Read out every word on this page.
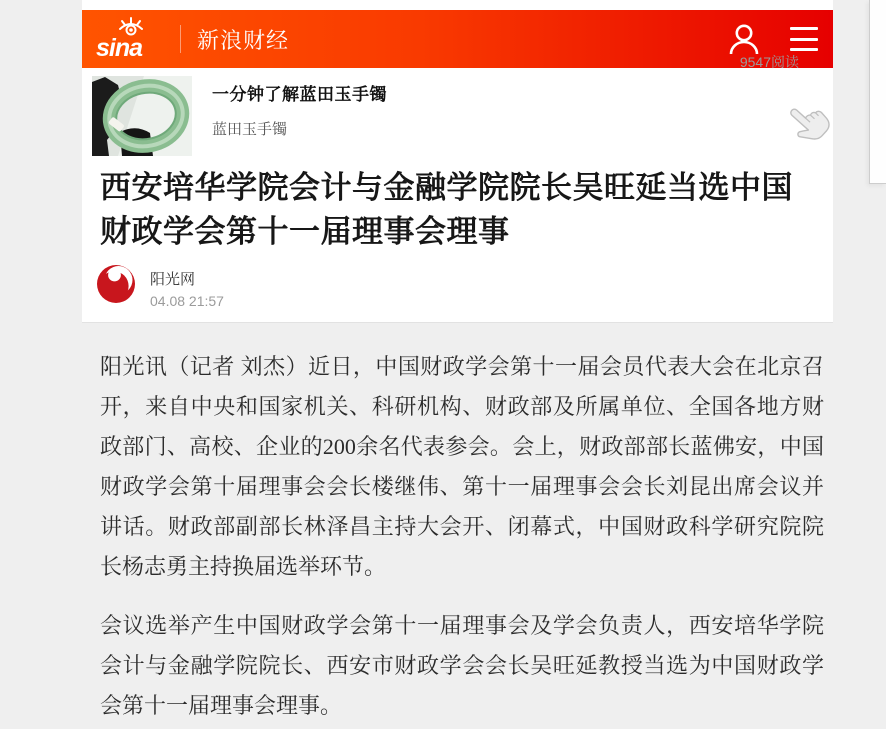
sina 新浪财经
一分钟了解蓝田玉手镯
蓝田玉手镯
9547阅读
西安培华学院会计与金融学院院长吴旺延当选中国财政学会第十一届理事会理事
阳光网
04.08 21:57

阳光讯（记者 刘杰）近日，中国财政学会第十一届会员代表大会在北京召开，来自中央和国家机关、科研机构、财政部及所属单位、全国各地方财政部门、高校、企业的200余名代表参会。会上，财政部部长蓝佛安，中国财政学会第十届理事会会长楼继伟、第十一届理事会会长刘昆出席会议并讲话。财政部副部长林泽昌主持大会开、闭幕式，中国财政科学研究院院长杨志勇主持换届选举环节。

会议选举产生中国财政学会第十一届理事会及学会负责人，西安培华学院会计与金融学院院长、西安市财政学会会长吴旺延教授当选为中国财政学会第十一届理事会理事。
